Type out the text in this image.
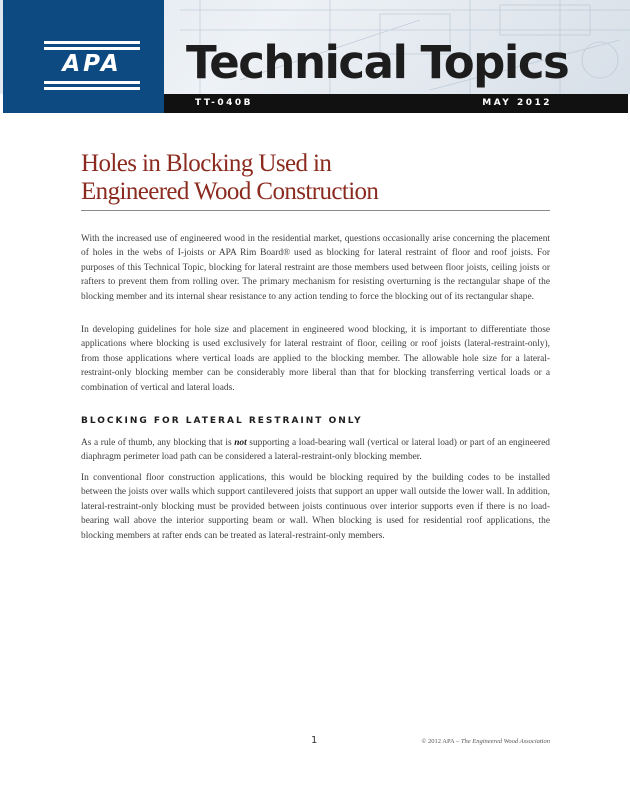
APA	Technical Topics
TT-040B	MAY 2012
Holes in Blocking Used in
Engineered Wood Construction

With the increased use of engineered wood in the residential market, questions occasionally arise concerning the placement of holes in the webs of I-joists or APA Rim Board® used as blocking for lateral restraint of floor and roof joists. For purposes of this Technical Topic, blocking for lateral restraint are those members used between floor joists, ceiling joists or rafters to prevent them from rolling over. The primary mechanism for resisting overturning is the rectangular shape of the blocking member and its internal shear resistance to any action tending to force the blocking out of its rectangular shape.

In developing guidelines for hole size and placement in engineered wood blocking, it is important to differentiate those applications where blocking is used exclusively for lateral restraint of floor, ceiling or roof joists (lateral-restraint-only), from those applications where vertical loads are applied to the blocking member. The allowable hole size for a lateral-restraint-only blocking member can be considerably more liberal than that for blocking transferring vertical loads or a combination of vertical and lateral loads.

BLOCKING FOR LATERAL RESTRAINT ONLY

As a rule of thumb, any blocking that is not supporting a load-bearing wall (vertical or lateral load) or part of an engineered diaphragm perimeter load path can be considered a lateral-restraint-only blocking member.

In conventional floor construction applications, this would be blocking required by the building codes to be installed between the joists over walls which support cantilevered joists that support an upper wall outside the lower wall. In addition, lateral-restraint-only blocking must be provided between joists continuous over interior supports even if there is no load-bearing wall above the interior supporting beam or wall. When blocking is used for residential roof applications, the blocking members at rafter ends can be treated as lateral-restraint-only members.

1	© 2012 APA – The Engineered Wood Association
